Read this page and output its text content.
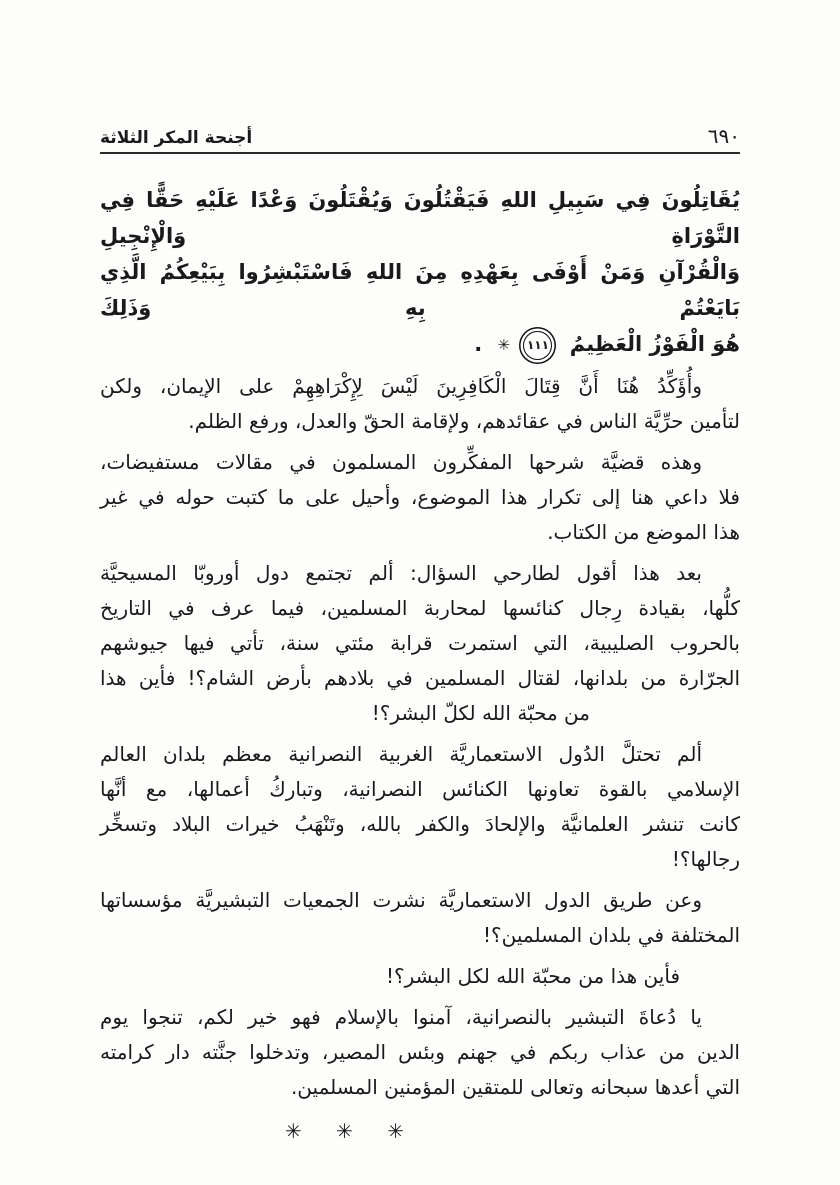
٦٩٠
أجنحة المكر الثلاثة
يُقَاتِلُونَ فِي سَبِيلِ اللهِ فَيَقْتُلُونَ وَيُقْتَلُونَ وَعْدًا عَلَيْهِ حَقًّا فِي التَّوْرَاةِ وَالْإِنْجِيلِ
وَالْقُرْآنِ وَمَنْ أَوْفَى بِعَهْدِهِ مِنَ اللهِ فَاسْتَبْشِرُوا بِبَيْعِكُمُ الَّذِي بَايَعْتُمْ بِهِ وَذَلِكَ
هُوَ الْفَوْزُ الْعَظِيمُ
١١١
✳ .

وأُؤَكِّدُ هُنَا أَنَّ قِتَالَ الْكَافِرِينَ لَيْسَ لِإِكْرَاهِهِمْ على الإيمان، ولكن
لتأمين حرِّيَّة الناس في عقائدهم، ولإقامة الحقّ والعدل، ورفع الظلم.

وهذه قضيَّة شرحها المفكِّرون المسلمون في مقالات مستفيضات،
فلا داعي هنا إلى تكرار هذا الموضوع، وأحيل على ما كتبت حوله في غير
هذا الموضع من الكتاب.

بعد هذا أقول لطارحي السؤال: ألم تجتمع دول أوروبّا المسيحيَّة
كلُّها، بقيادة رِجال كنائسها لمحاربة المسلمين، فيما عرف في التاريخ
بالحروب الصليبية، التي استمرت قرابة مئتي سنة، تأتي فيها جيوشهم
الجرّارة من بلدانها، لقتال المسلمين في بلادهم بأرض الشام؟! فأين هذا
من محبّة الله لكلّ البشر؟!

ألم تحتلَّ الدُول الاستعماريَّة الغربية النصرانية معظم بلدان العالم
الإسلامي بالقوة تعاونها الكنائس النصرانية، وتباركُ أعمالها، مع أنَّها
كانت تنشر العلمانيَّة والإلحادَ والكفر بالله، وتَنْهَبُ خيرات البلاد وتسخِّر
رجالها؟!

وعن طريق الدول الاستعماريَّة نشرت الجمعيات التبشيريَّة مؤسساتها
المختلفة في بلدان المسلمين؟!

فأين هذا من محبّة الله لكل البشر؟!

يا دُعاةَ التبشير بالنصرانية، آمنوا بالإسلام فهو خير لكم، تنجوا يوم
الدين من عذاب ربكم في جهنم وبئس المصير، وتدخلوا جنَّته دار كرامته
التي أعدها سبحانه وتعالى للمتقين المؤمنين المسلمين.

✳ ✳ ✳
